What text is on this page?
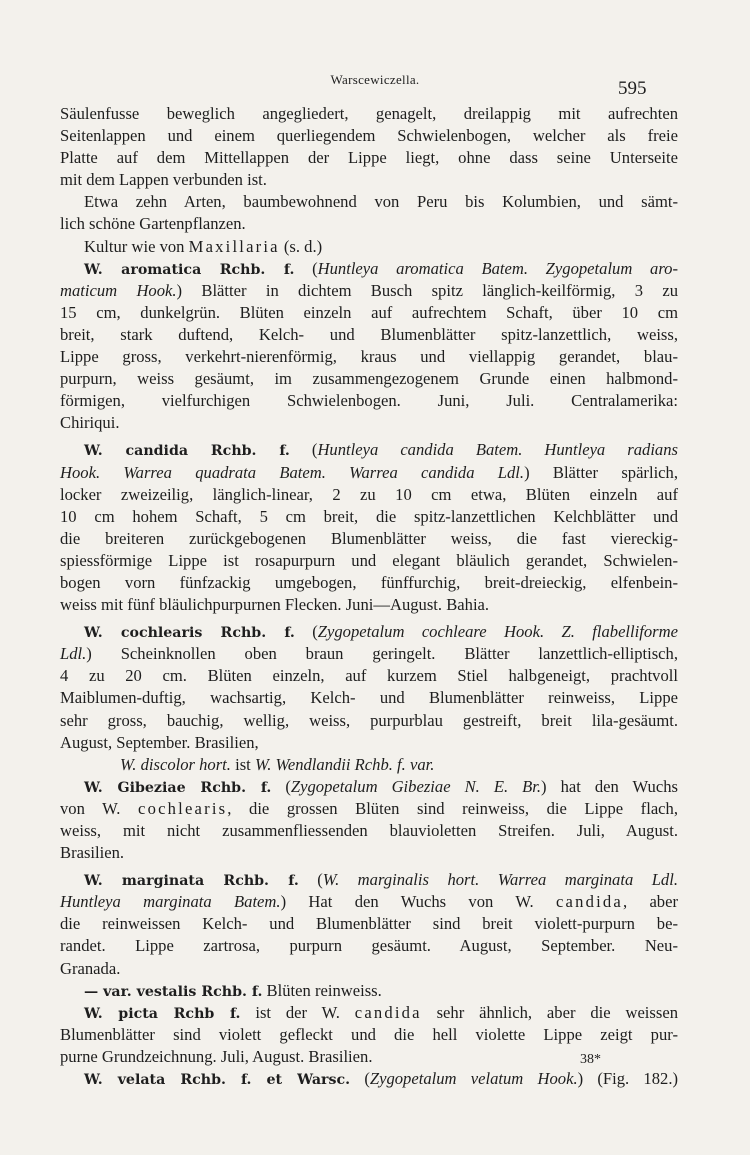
Warscewiczella.	595
Säulenfusse beweglich angegliedert, genagelt, dreilappig mit aufrechten
Seitenlappen und einem querliegendem Schwielenbogen, welcher als freie
Platte auf dem Mittellappen der Lippe liegt, ohne dass seine Unterseite
mit dem Lappen verbunden ist.
Etwa zehn Arten, baumbewohnend von Peru bis Kolumbien, und sämt-
lich schöne Gartenpflanzen.
Kultur wie von Maxillaria (s. d.)
W. aromatica Rchb. f. (Huntleya aromatica Batem. Zygopetalum aro-
maticum Hook.) Blätter in dichtem Busch spitz länglich-keilförmig, 3 zu
15 cm, dunkelgrün. Blüten einzeln auf aufrechtem Schaft, über 10 cm
breit, stark duftend, Kelch- und Blumenblätter spitz-lanzettlich, weiss,
Lippe gross, verkehrt-nierenförmig, kraus und viellappig gerandet, blau-
purpurn, weiss gesäumt, im zusammengezogenem Grunde einen halbmond-
förmigen, vielfurchigen Schwielenbogen. Juni, Juli. Centralamerika:
Chiriqui.
W. candida Rchb. f. (Huntleya candida Batem. Huntleya radians
Hook. Warrea quadrata Batem. Warrea candida Ldl.) Blätter spärlich,
locker zweizeilig, länglich-linear, 2 zu 10 cm etwa, Blüten einzeln auf
10 cm hohem Schaft, 5 cm breit, die spitz-lanzettlichen Kelchblätter und
die breiteren zurückgebogenen Blumenblätter weiss, die fast viereckig-
spiessförmige Lippe ist rosapurpurn und elegant bläulich gerandet, Schwielen-
bogen vorn fünfzackig umgebogen, fünffurchig, breit-dreieckig, elfenbein-
weiss mit fünf bläulichpurpurnen Flecken. Juni—August. Bahia.
W. cochlearis Rchb. f. (Zygopetalum cochleare Hook. Z. flabelliforme
Ldl.) Scheinknollen oben braun geringelt. Blätter lanzettlich-elliptisch,
4 zu 20 cm. Blüten einzeln, auf kurzem Stiel halbgeneigt, prachtvoll
Maiblumen-duftig, wachsartig, Kelch- und Blumenblätter reinweiss, Lippe
sehr gross, bauchig, wellig, weiss, purpurblau gestreift, breit lila-gesäumt.
August, September. Brasilien,
W. discolor hort. ist W. Wendlandii Rchb. f. var.
W. Gibeziae Rchb. f. (Zygopetalum Gibeziae N. E. Br.) hat den Wuchs
von W. cochlearis, die grossen Blüten sind reinweiss, die Lippe flach,
weiss, mit nicht zusammenfliessenden blauvioletten Streifen. Juli, August.
Brasilien.
W. marginata Rchb. f. (W. marginalis hort. Warrea marginata Ldl.
Huntleya marginata Batem.) Hat den Wuchs von W. candida, aber
die reinweissen Kelch- und Blumenblätter sind breit violett-purpurn be-
randet. Lippe zartrosa, purpurn gesäumt. August, September. Neu-
Granada.
— var. vestalis Rchb. f. Blüten reinweiss.
W. picta Rchb f. ist der W. candida sehr ähnlich, aber die weissen
Blumenblätter sind violett gefleckt und die hell violette Lippe zeigt pur-
purne Grundzeichnung. Juli, August. Brasilien.
W. velata Rchb. f. et Warsc. (Zygopetalum velatum Hook.) (Fig. 182.)
38*
